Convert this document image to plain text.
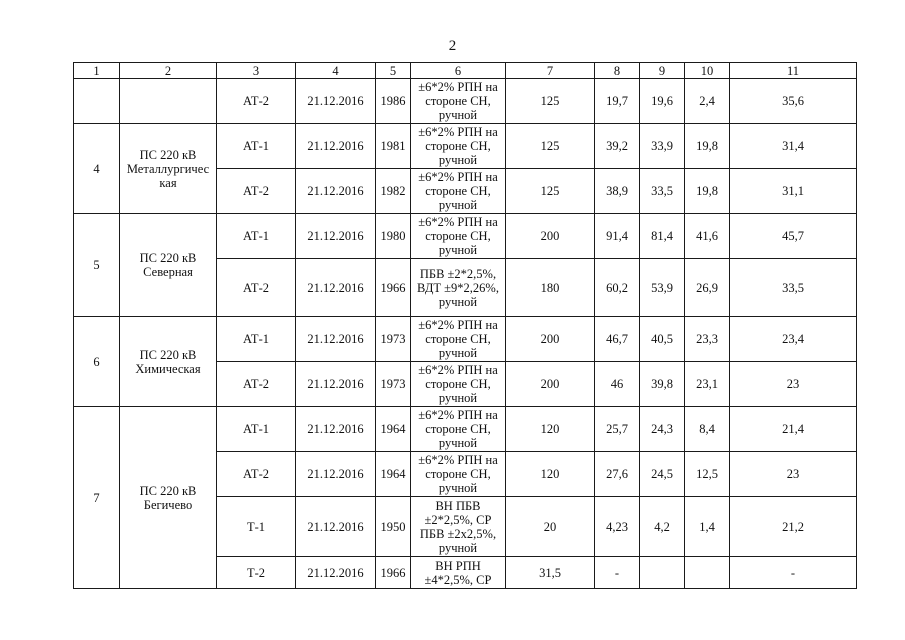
2
1	2	3	4	5	6	7	8	9	10	11
		АТ-2	21.12.2016	1986	±6*2% РПН на стороне СН, ручной	125	19,7	19,6	2,4	35,6
4	ПС 220 кВ Металлургичес кая	АТ-1	21.12.2016	1981	±6*2% РПН на стороне СН, ручной	125	39,2	33,9	19,8	31,4
		АТ-2	21.12.2016	1982	±6*2% РПН на стороне СН, ручной	125	38,9	33,5	19,8	31,1
5	ПС 220 кВ Северная	АТ-1	21.12.2016	1980	±6*2% РПН на стороне СН, ручной	200	91,4	81,4	41,6	45,7
		АТ-2	21.12.2016	1966	ПБВ ±2*2,5%, ВДТ ±9*2,26%, ручной	180	60,2	53,9	26,9	33,5
6	ПС 220 кВ Химическая	АТ-1	21.12.2016	1973	±6*2% РПН на стороне СН, ручной	200	46,7	40,5	23,3	23,4
		АТ-2	21.12.2016	1973	±6*2% РПН на стороне СН, ручной	200	46	39,8	23,1	23
7	ПС 220 кВ Бегичево	АТ-1	21.12.2016	1964	±6*2% РПН на стороне СН, ручной	120	25,7	24,3	8,4	21,4
		АТ-2	21.12.2016	1964	±6*2% РПН на стороне СН, ручной	120	27,6	24,5	12,5	23
		Т-1	21.12.2016	1950	ВН ПБВ ±2*2,5%, СР ПБВ ±2х2,5%, ручной	20	4,23	4,2	1,4	21,2
		Т-2	21.12.2016	1966	ВН РПН ±4*2,5%, СР	31,5	-			-
